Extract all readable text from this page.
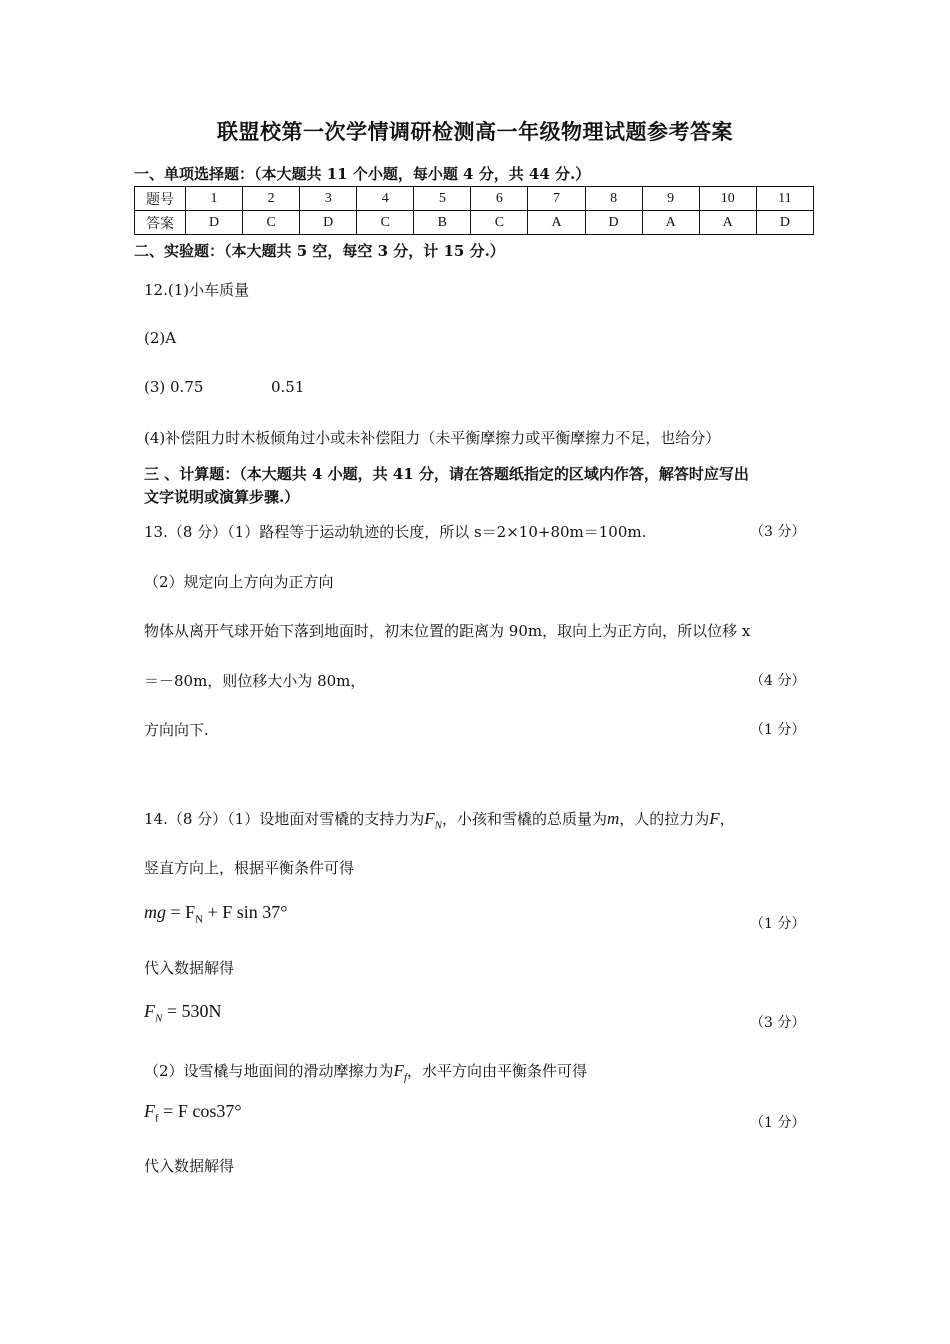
联盟校第一次学情调研检测高一年级物理试题参考答案
一、单项选择题：（本大题共 11 个小题，每小题 4 分，共 44 分.）
题号	1	2	3	4	5	6	7	8	9	10	11
答案	D	C	D	C	B	C	A	D	A	A	D
二、实验题：（本大题共 5 空，每空 3 分，计 15 分.）
12.(1)小车质量
(2)A
(3) 0.75	0.51
(4)补偿阻力时木板倾角过小或未补偿阻力（未平衡摩擦力或平衡摩擦力不足，也给分）
三 、计算题：（本大题共 4 小题，共 41 分，请在答题纸指定的区域内作答，解答时应写出
文字说明或演算步骤.）
13.（8 分）（1）路程等于运动轨迹的长度，所以 s＝2×10+80m＝100m.	（3 分）
（2）规定向上方向为正方向
物体从离开气球开始下落到地面时，初末位置的距离为 90m，取向上为正方向，所以位移 x
＝－80m，则位移大小为 80m，	（4 分）
方向向下.	（1 分）
14.（8 分）（1）设地面对雪橇的支持力为$F_N$，小孩和雪橇的总质量为m，人的拉力为F，
竖直方向上，根据平衡条件可得
mg = $F_N + F$ sin 37°
（1 分）
代入数据解得
$F_N = 530N$
（3 分）
（2）设雪橇与地面间的滑动摩擦力为$F_f$，水平方向由平衡条件可得
$F_f = F$ cos37°
（1 分）
代入数据解得
